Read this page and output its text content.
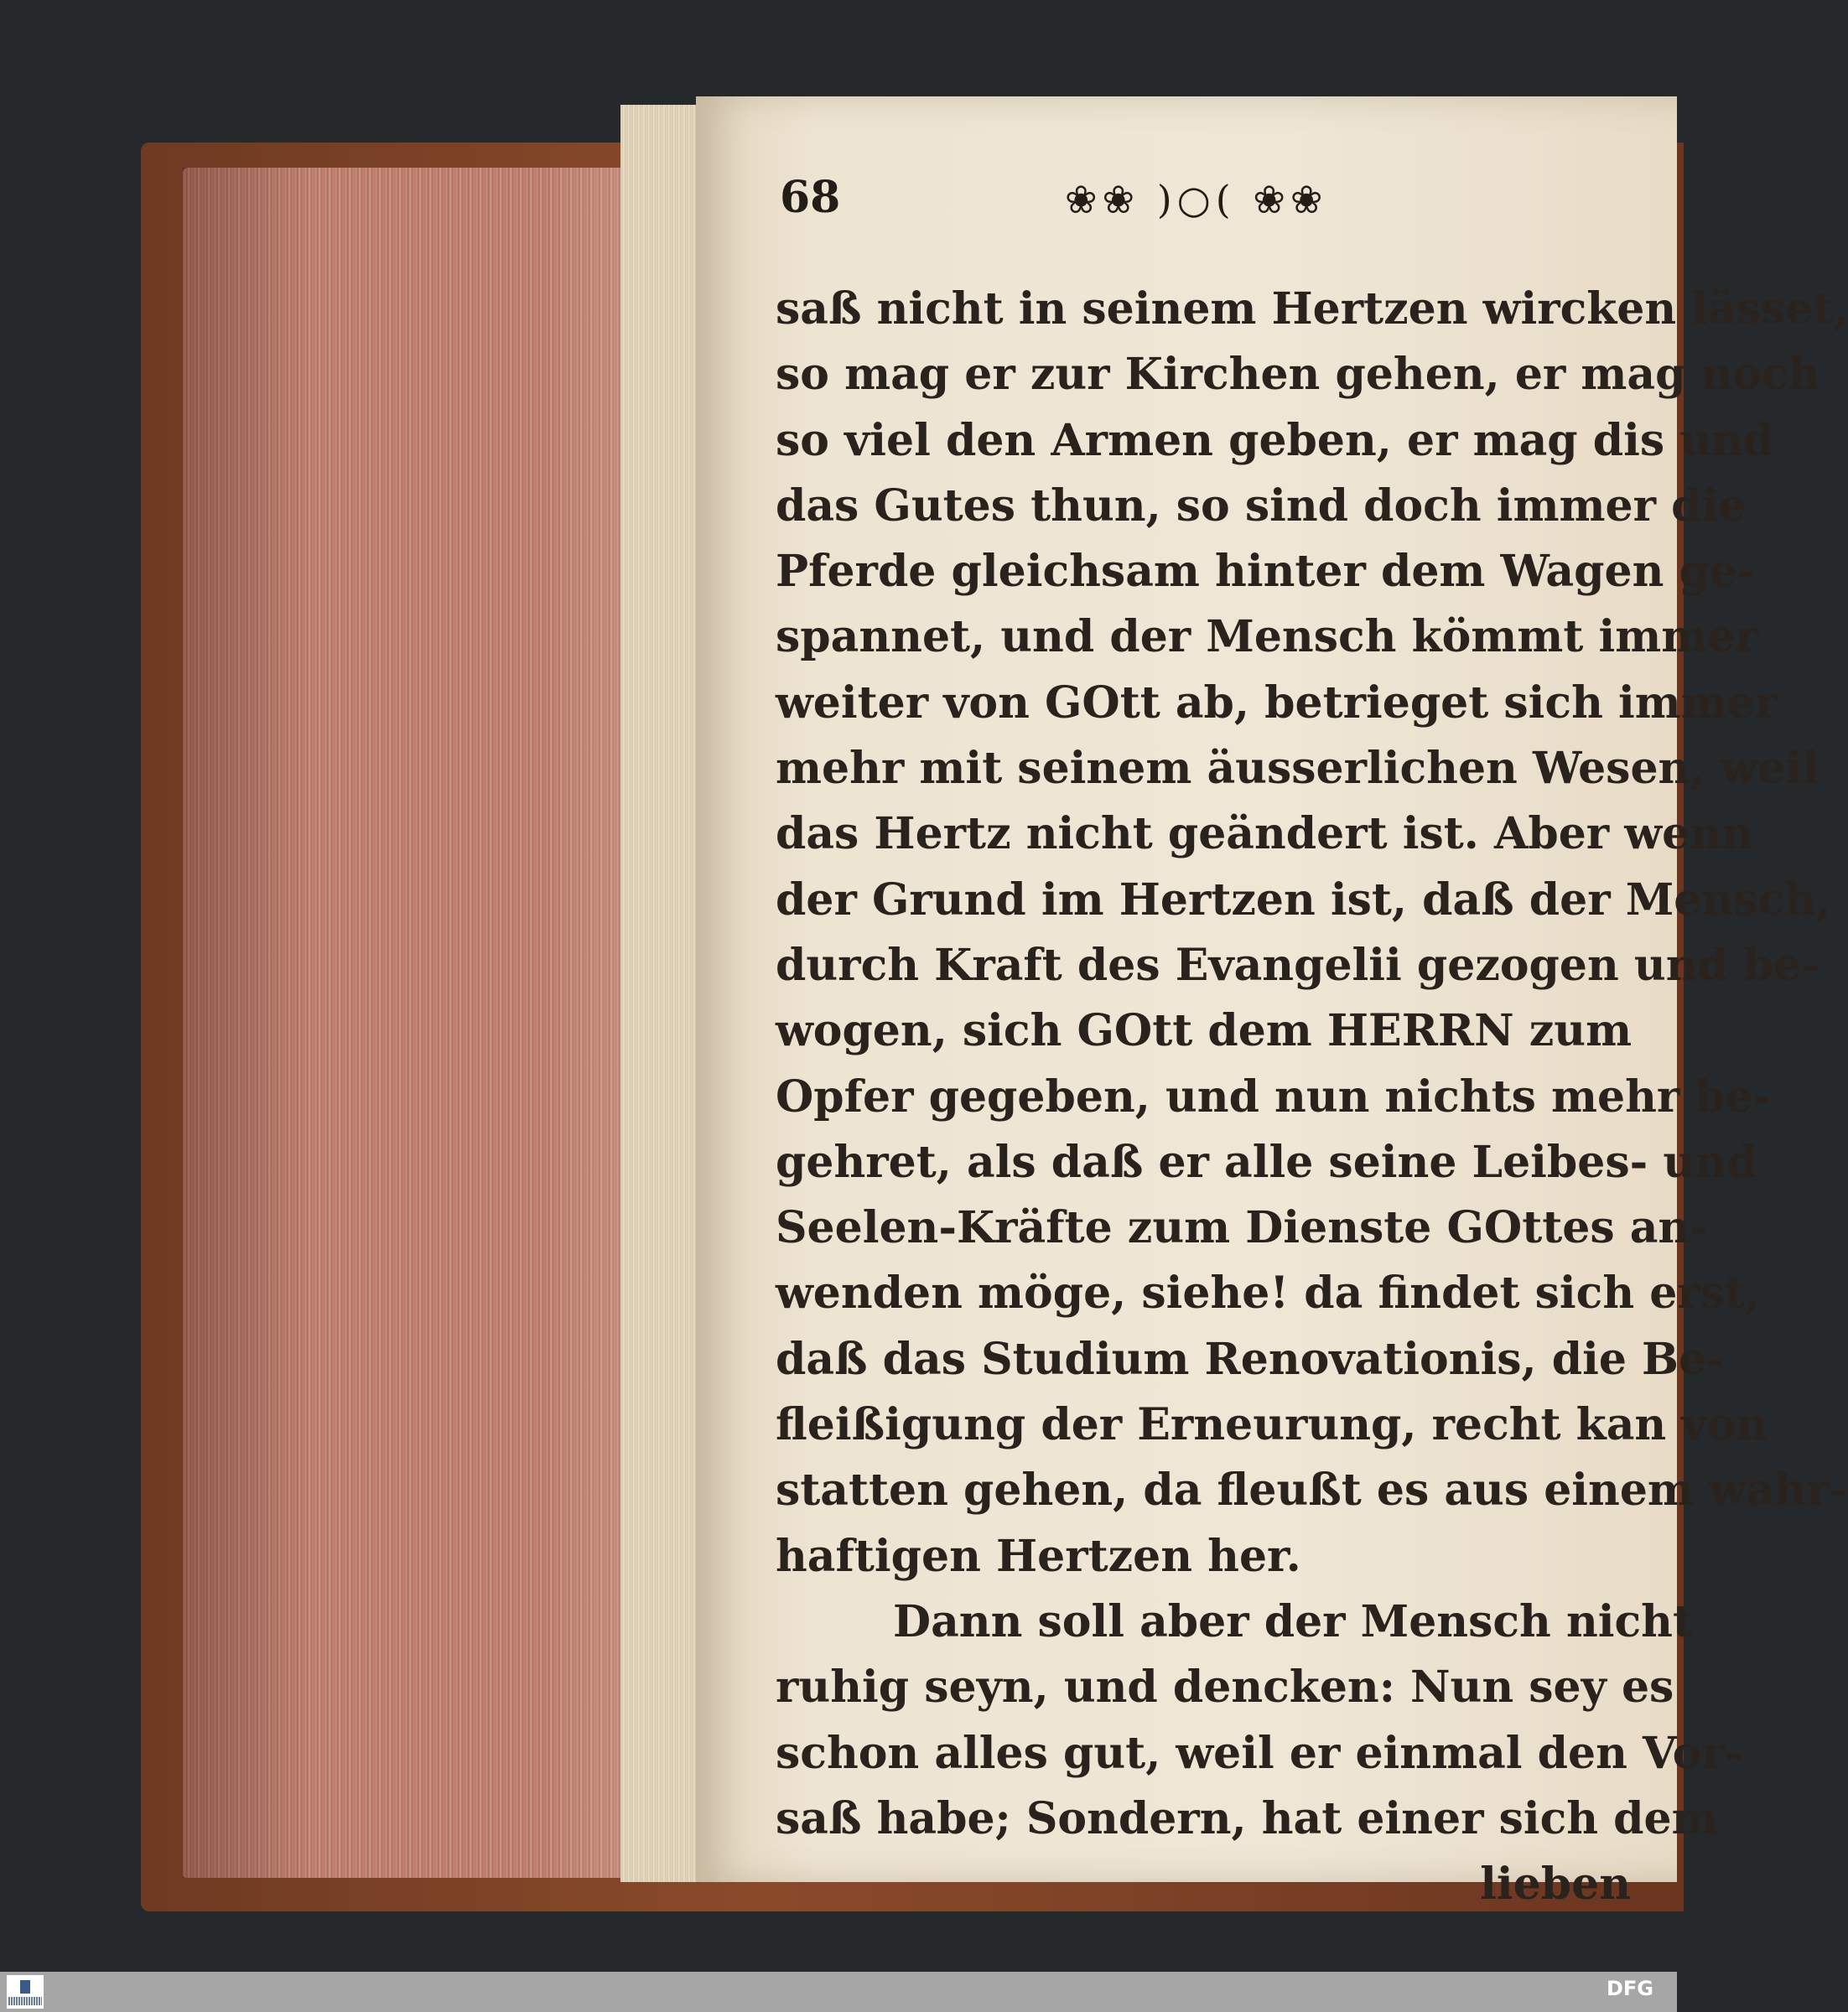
68	❀❀ )○( ❀❀
saß nicht in seinem Hertzen wircken lässet,
so mag er zur Kirchen gehen, er mag noch
so viel den Armen geben, er mag dis und
das Gutes thun, so sind doch immer die
Pferde gleichsam hinter dem Wagen ge-
spannet, und der Mensch kömmt immer
weiter von GOtt ab, betrieget sich immer
mehr mit seinem äusserlichen Wesen, weil
das Hertz nicht geändert ist. Aber wenn
der Grund im Hertzen ist, daß der Mensch,
durch Kraft des Evangelii gezogen und be-
wogen, sich GOtt dem HERRN zum
Opfer gegeben, und nun nichts mehr be-
gehret, als daß er alle seine Leibes- und
Seelen-Kräfte zum Dienste GOttes an-
wenden möge, siehe! da findet sich erst,
daß das Studium Renovationis, die Be-
fleißigung der Erneurung, recht kan von
statten gehen, da fleußt es aus einem wahr-
haftigen Hertzen her.
Dann soll aber der Mensch nicht
ruhig seyn, und dencken: Nun sey es
schon alles gut, weil er einmal den Vor-
saß habe; Sondern, hat einer sich dem
lieben
DFG
